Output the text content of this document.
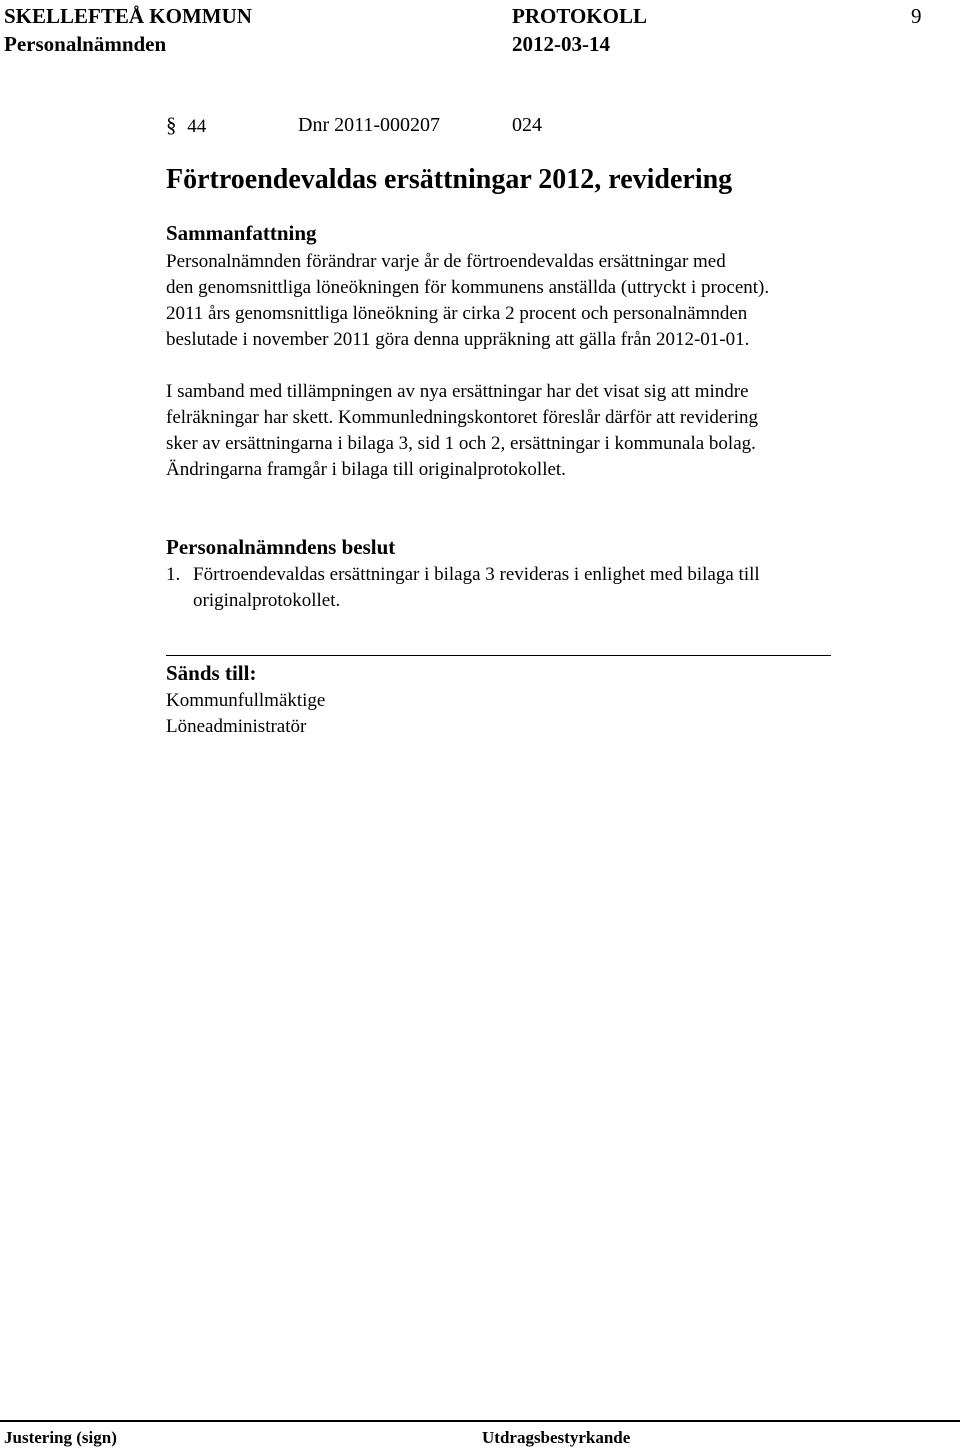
SKELLEFTEÅ KOMMUN	PROTOKOLL	9
Personalnämnden	2012-03-14
§ 44	Dnr 2011-000207	024
Förtroendevaldas ersättningar 2012, revidering
Sammanfattning
Personalnämnden förändrar varje år de förtroendevaldas ersättningar med
den genomsnittliga löneökningen för kommunens anställda (uttryckt i procent).
2011 års genomsnittliga löneökning är cirka 2 procent och personalnämnden
beslutade i november 2011 göra denna uppräkning att gälla från 2012-01-01.
I samband med tillämpningen av nya ersättningar har det visat sig att mindre
felräkningar har skett. Kommunledningskontoret föreslår därför att revidering
sker av ersättningarna i bilaga 3, sid 1 och 2, ersättningar i kommunala bolag.
Ändringarna framgår i bilaga till originalprotokollet.
Personalnämndens beslut
1. Förtroendevaldas ersättningar i bilaga 3 revideras i enlighet med bilaga till
originalprotokollet.
Sänds till:
Kommunfullmäktige
Löneadministratör
Justering (sign)	Utdragsbestyrkande
